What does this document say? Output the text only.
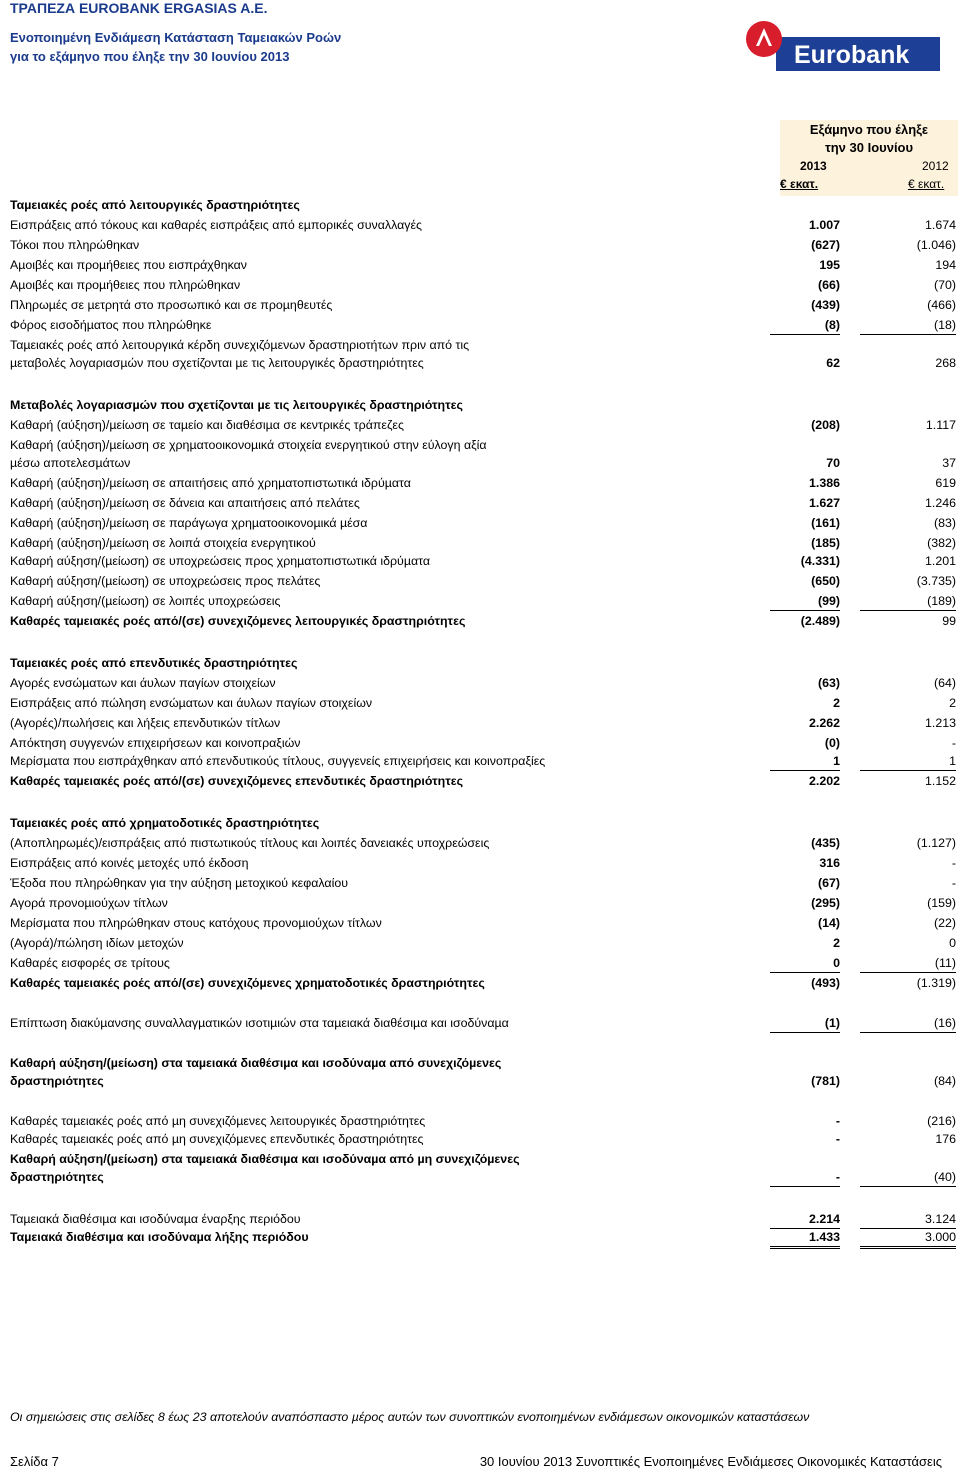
ΤΡΑΠΕΖΑ EUROBANK ERGASIAS A.E.
Ενοποιηµένη Ενδιάµεση Κατάσταση Ταµειακών Ροών
για το εξάµηνο που έληξε την 30 Ιουνίου 2013	Eurobank
Εξάµηνο που έληξε
την 30 Ιουνίου
2013	2012
€ εκατ.	€ εκατ.
Ταµειακές ροές από λειτουργικές δραστηριότητες
Εισπράξεις από τόκους και καθαρές εισπράξεις από εµπορικές συναλλαγές	1.007	1.674
Τόκοι που πληρώθηκαν	(627)	(1.046)
Αµοιβές και προµήθειες που εισπράχθηκαν	195	194
Αµοιβές και προµήθειες που πληρώθηκαν	(66)	(70)
Πληρωµές σε µετρητά στο προσωπικό και σε προµηθευτές	(439)	(466)
Φόρος εισοδήµατος που πληρώθηκε	(8)	(18)
Ταµειακές ροές από λειτουργικά κέρδη συνεχιζόµενων δραστηριοτήτων πριν από τις
µεταβολές λογαριασµών που σχετίζονται µε τις λειτουργικές δραστηριότητες	62	268
Μεταβολές λογαριασµών που σχετίζονται µε τις λειτουργικές δραστηριότητες
Καθαρή (αύξηση)/µείωση σε ταµείο και διαθέσιµα σε κεντρικές τράπεζες	(208)	1.117
Καθαρή (αύξηση)/µείωση σε χρηµατοοικονοµικά στοιχεία ενεργητικού στην εύλογη αξία
µέσω αποτελεσµάτων	70	37
Καθαρή (αύξηση)/µείωση σε απαιτήσεις από χρηµατοπιστωτικά ιδρύµατα	1.386	619
Καθαρή (αύξηση)/µείωση σε δάνεια και απαιτήσεις από πελάτες	1.627	1.246
Καθαρή (αύξηση)/µείωση σε παράγωγα χρηµατοοικονοµικά µέσα	(161)	(83)
Καθαρή (αύξηση)/µείωση σε λοιπά στοιχεία ενεργητικού	(185)	(382)
Καθαρή αύξηση/(µείωση) σε υποχρεώσεις προς χρηµατοπιστωτικά ιδρύµατα	(4.331)	1.201
Καθαρή αύξηση/(µείωση) σε υποχρεώσεις προς πελάτες	(650)	(3.735)
Καθαρή αύξηση/(µείωση) σε λοιπές υποχρεώσεις	(99)	(189)
Καθαρές ταµειακές ροές από/(σε) συνεχιζόµενες λειτουργικές δραστηριότητες	(2.489)	99
Ταµειακές ροές από επενδυτικές δραστηριότητες
Αγορές ενσώµατων και άυλων παγίων στοιχείων	(63)	(64)
Εισπράξεις από πώληση ενσώµατων και άυλων παγίων στοιχείων	2	2
(Αγορές)/πωλήσεις και λήξεις επενδυτικών τίτλων	2.262	1.213
Απόκτηση συγγενών επιχειρήσεων και κοινοπραξιών	(0)	-
Μερίσµατα που εισπράχθηκαν από επενδυτικούς τίτλους, συγγενείς επιχειρήσεις και κοινοπραξίες	1	1
Καθαρές ταµειακές ροές από/(σε) συνεχιζόµενες επενδυτικές δραστηριότητες	2.202	1.152
Ταµειακές ροές από χρηµατοδοτικές δραστηριότητες
(Αποπληρωµές)/εισπράξεις από πιστωτικούς τίτλους και λοιπές δανειακές υποχρεώσεις	(435)	(1.127)
Εισπράξεις από κοινές µετοχές υπό έκδοση	316	-
Έξοδα που πληρώθηκαν για την αύξηση µετοχικού κεφαλαίου	(67)	-
Αγορά προνοµιούχων τίτλων	(295)	(159)
Μερίσµατα που πληρώθηκαν στους κατόχους προνοµιούχων τίτλων	(14)	(22)
(Αγορά)/πώληση ιδίων µετοχών	2	0
Καθαρές εισφορές σε τρίτους	0	(11)
Καθαρές ταµειακές ροές από/(σε) συνεχιζόµενες χρηµατοδοτικές δραστηριότητες	(493)	(1.319)
Επίπτωση διακύµανσης συναλλαγµατικών ισοτιµιών στα ταµειακά διαθέσιµα και ισοδύναµα	(1)	(16)
Καθαρή αύξηση/(µείωση) στα ταµειακά διαθέσιµα και ισοδύναµα από συνεχιζόµενες
δραστηριότητες	(781)	(84)
Καθαρές ταµειακές ροές από µη συνεχιζόµενες λειτουργικές δραστηριότητες	-	(216)
Καθαρές ταµειακές ροές από µη συνεχιζόµενες επενδυτικές δραστηριότητες	-	176
Καθαρή αύξηση/(µείωση) στα ταµειακά διαθέσιµα και ισοδύναµα από µη συνεχιζόµενες
δραστηριότητες	-	(40)
Ταµειακά διαθέσιµα και ισοδύναµα έναρξης περιόδου	2.214	3.124
Ταµειακά διαθέσιµα και ισοδύναµα λήξης περιόδου	1.433	3.000
Οι σηµειώσεις στις σελίδες 8 έως 23 αποτελούν αναπόσπαστο µέρος αυτών των συνοπτικών ενοποιηµένων ενδιάµεσων οικονοµικών καταστάσεων
Σελίδα 7	30 Ιουνίου 2013 Συνοπτικές Ενοποιηµένες Ενδιάµεσες Οικονοµικές Καταστάσεις
